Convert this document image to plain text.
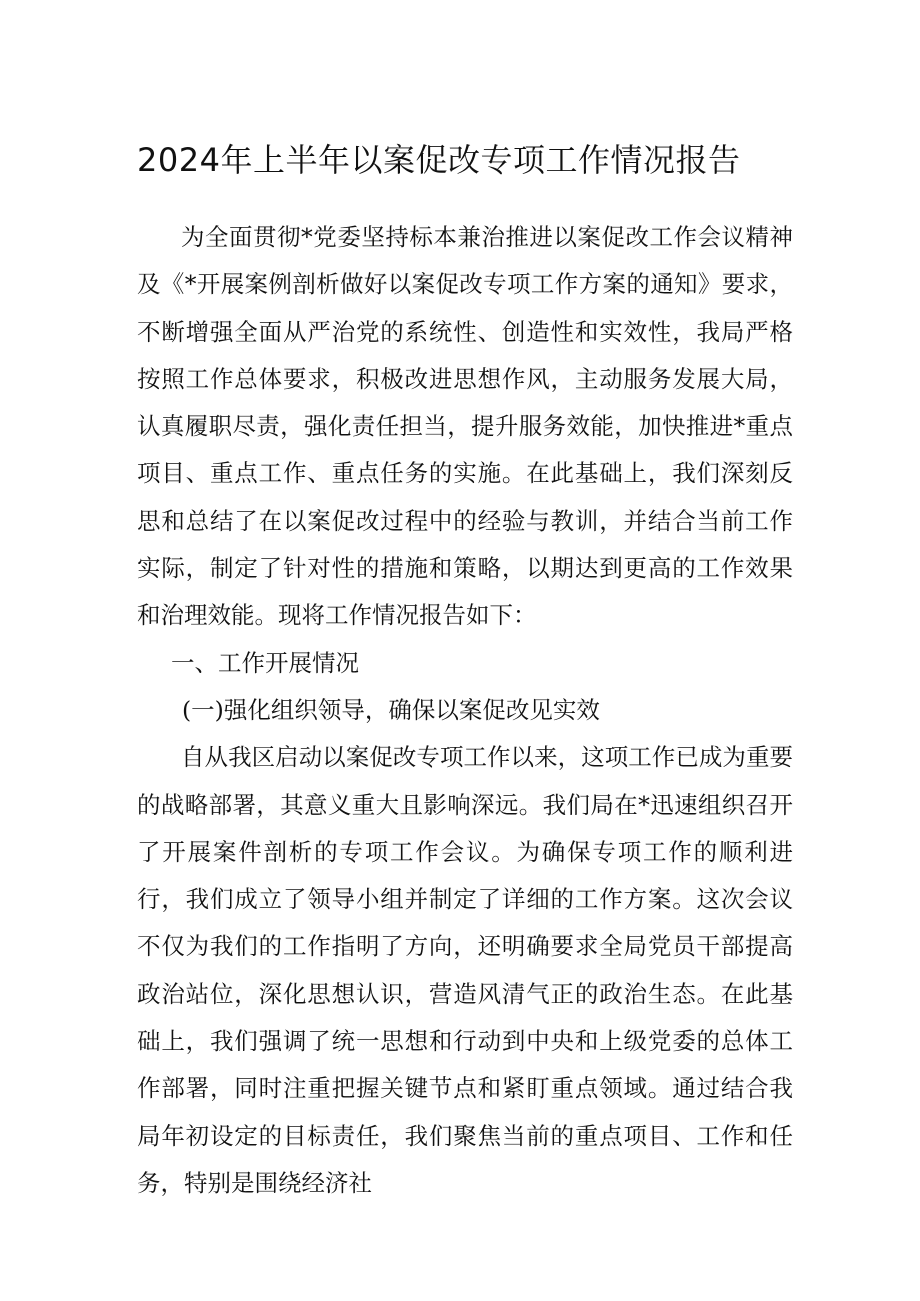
2024年上半年以案促改专项工作情况报告

为全面贯彻*党委坚持标本兼治推进以案促改工作会议精神及《*开展案例剖析做好以案促改专项工作方案的通知》要求，不断增强全面从严治党的系统性、创造性和实效性，我局严格按照工作总体要求，积极改进思想作风，主动服务发展大局，认真履职尽责，强化责任担当，提升服务效能，加快推进*重点项目、重点工作、重点任务的实施。在此基础上，我们深刻反思和总结了在以案促改过程中的经验与教训，并结合当前工作实际，制定了针对性的措施和策略，以期达到更高的工作效果和治理效能。现将工作情况报告如下：

一、工作开展情况

(一)强化组织领导，确保以案促改见实效

自从我区启动以案促改专项工作以来，这项工作已成为重要的战略部署，其意义重大且影响深远。我们局在*迅速组织召开了开展案件剖析的专项工作会议。为确保专项工作的顺利进行，我们成立了领导小组并制定了详细的工作方案。这次会议不仅为我们的工作指明了方向，还明确要求全局党员干部提高政治站位，深化思想认识，营造风清气正的政治生态。在此基础上，我们强调了统一思想和行动到中央和上级党委的总体工作部署，同时注重把握关键节点和紧盯重点领域。通过结合我局年初设定的目标责任，我们聚焦当前的重点项目、工作和任务，特别是围绕经济社
